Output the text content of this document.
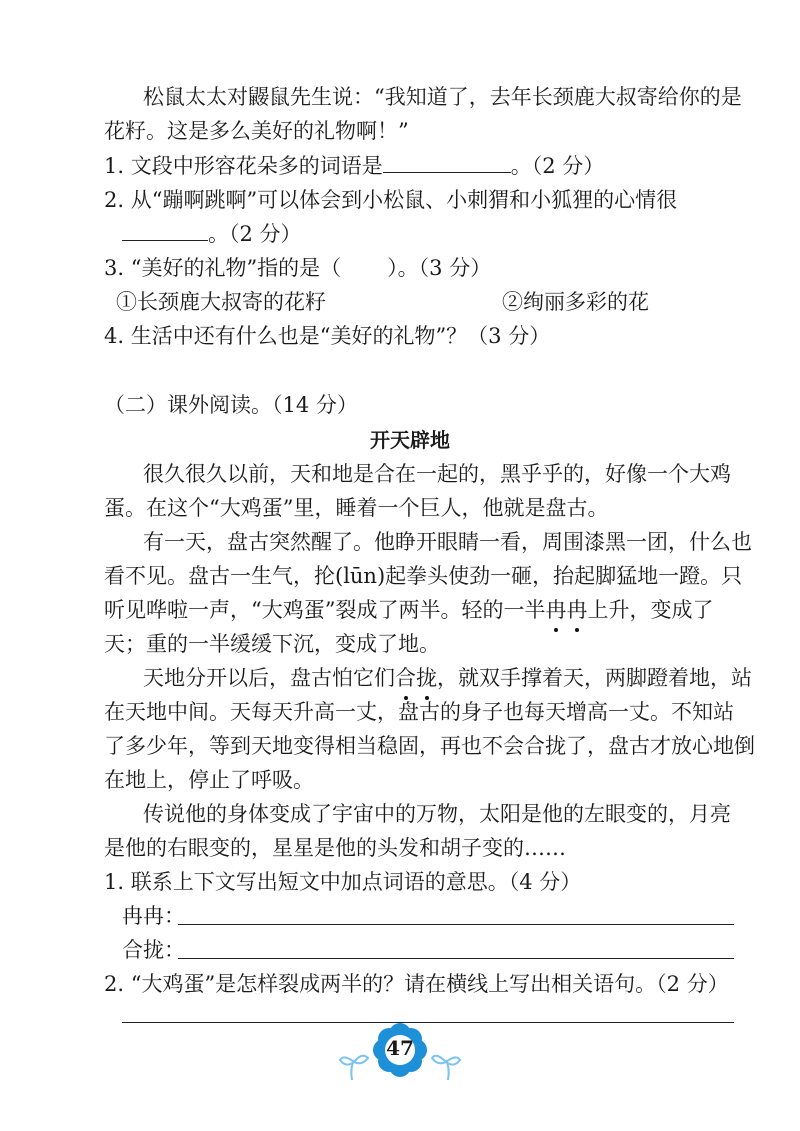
松鼠太太对鼹鼠先生说：“我知道了，去年长颈鹿大叔寄给你的是
花籽。这是多么美好的礼物啊！”
1. 文段中形容花朵多的词语是	。（2 分）
2. 从“蹦啊跳啊”可以体会到小松鼠、小刺猬和小狐狸的心情很
。（2 分）
3. “美好的礼物”指的是（ ）。（3 分）
①长颈鹿大叔寄的花籽	②绚丽多彩的花
4. 生活中还有什么也是“美好的礼物”？（3 分）
（二）课外阅读。（14 分）
开天辟地
很久很久以前，天和地是合在一起的，黑乎乎的，好像一个大鸡
蛋。在这个“大鸡蛋”里，睡着一个巨人，他就是盘古。
有一天，盘古突然醒了。他睁开眼睛一看，周围漆黑一团，什么也
看不见。盘古一生气，抡(lūn)起拳头使劲一砸，抬起脚猛地一蹬。只
听见哗啦一声，“大鸡蛋”裂成了两半。轻的一半冉冉上升，变成了
天；重的一半缓缓下沉，变成了地。
天地分开以后，盘古怕它们合拢，就双手撑着天，两脚蹬着地，站
在天地中间。天每天升高一丈，盘古的身子也每天增高一丈。不知站
了多少年，等到天地变得相当稳固，再也不会合拢了，盘古才放心地倒
在地上，停止了呼吸。
传说他的身体变成了宇宙中的万物，太阳是他的左眼变的，月亮
是他的右眼变的，星星是他的头发和胡子变的……
1. 联系上下文写出短文中加点词语的意思。（4 分）
冉冉：
合拢：
2. “大鸡蛋”是怎样裂成两半的？请在横线上写出相关语句。（2 分）
47
